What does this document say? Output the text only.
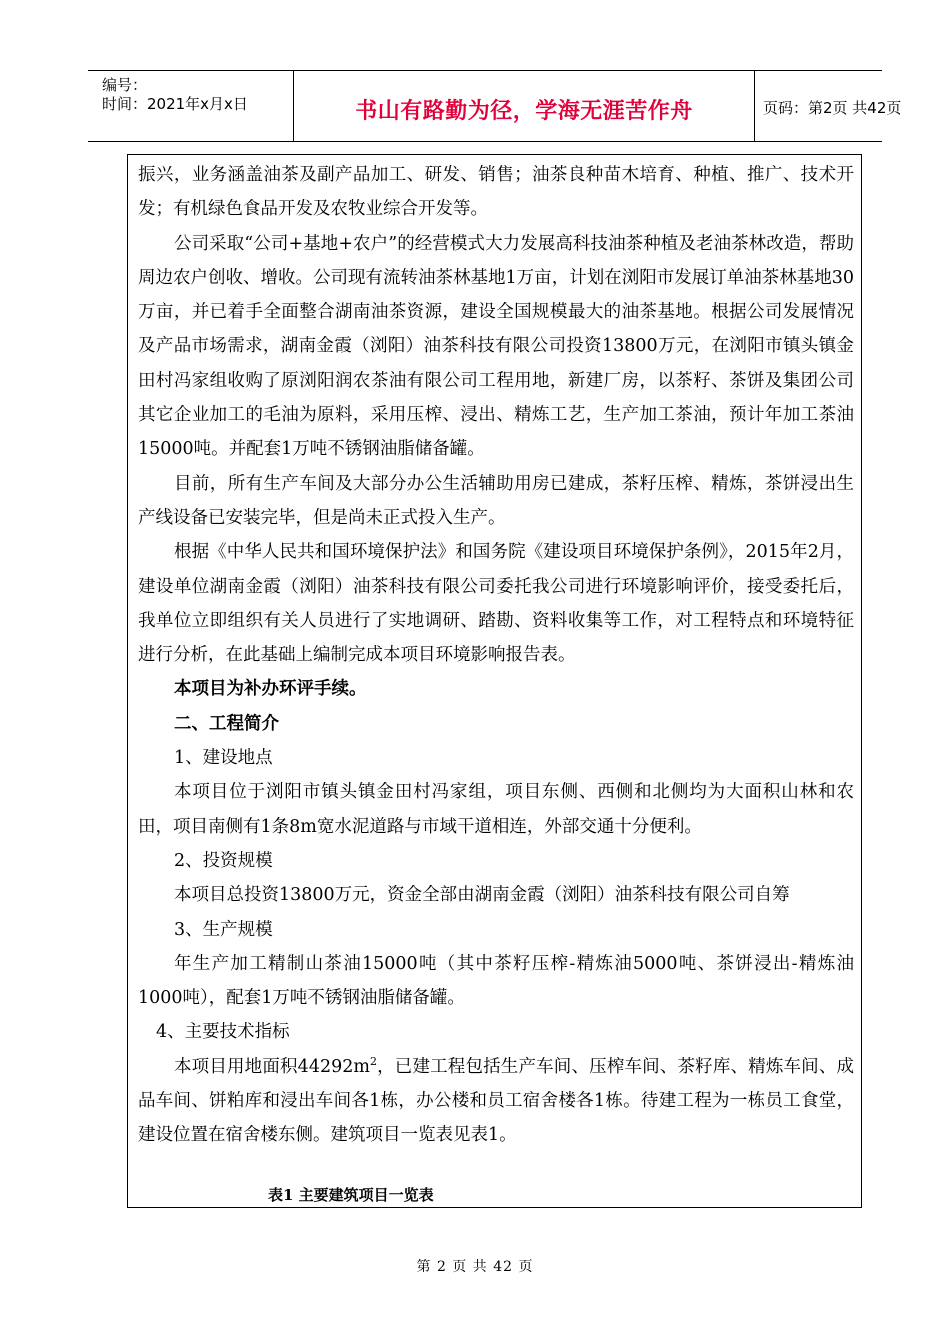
编号：
时间：2021年x月x日	书山有路勤为径，学海无涯苦作舟	页码：第2页 共42页

振兴，业务涵盖油茶及副产品加工、研发、销售；油茶良种苗木培育、种植、推广、技术开发；有机绿色食品开发及农牧业综合开发等。

公司采取“公司+基地+农户”的经营模式大力发展高科技油茶种植及老油茶林改造，帮助周边农户创收、增收。公司现有流转油茶林基地1万亩，计划在浏阳市发展订单油茶林基地30万亩，并已着手全面整合湖南油茶资源，建设全国规模最大的油茶基地。根据公司发展情况及产品市场需求，湖南金霞（浏阳）油茶科技有限公司投资13800万元，在浏阳市镇头镇金田村冯家组收购了原浏阳润农茶油有限公司工程用地，新建厂房，以茶籽、茶饼及集团公司其它企业加工的毛油为原料，采用压榨、浸出、精炼工艺，生产加工茶油，预计年加工茶油15000吨。并配套1万吨不锈钢油脂储备罐。

目前，所有生产车间及大部分办公生活辅助用房已建成，茶籽压榨、精炼，茶饼浸出生产线设备已安装完毕，但是尚未正式投入生产。

根据《中华人民共和国环境保护法》和国务院《建设项目环境保护条例》，2015年2月，建设单位湖南金霞（浏阳）油茶科技有限公司委托我公司进行环境影响评价，接受委托后，我单位立即组织有关人员进行了实地调研、踏勘、资料收集等工作，对工程特点和环境特征进行分析，在此基础上编制完成本项目环境影响报告表。

本项目为补办环评手续。

二、工程简介

1、建设地点

本项目位于浏阳市镇头镇金田村冯家组，项目东侧、西侧和北侧均为大面积山林和农田，项目南侧有1条8m宽水泥道路与市域干道相连，外部交通十分便利。

2、投资规模

本项目总投资13800万元，资金全部由湖南金霞（浏阳）油茶科技有限公司自筹

3、生产规模

年生产加工精制山茶油15000吨（其中茶籽压榨-精炼油5000吨、茶饼浸出-精炼油1000吨），配套1万吨不锈钢油脂储备罐。

4、主要技术指标

本项目用地面积$44292m^2$，已建工程包括生产车间、压榨车间、茶籽库、精炼车间、成品车间、饼粕库和浸出车间各1栋，办公楼和员工宿舍楼各1栋。待建工程为一栋员工食堂，建设位置在宿舍楼东侧。建筑项目一览表见表1。

表1 主要建筑项目一览表
第 2 页 共 42 页
